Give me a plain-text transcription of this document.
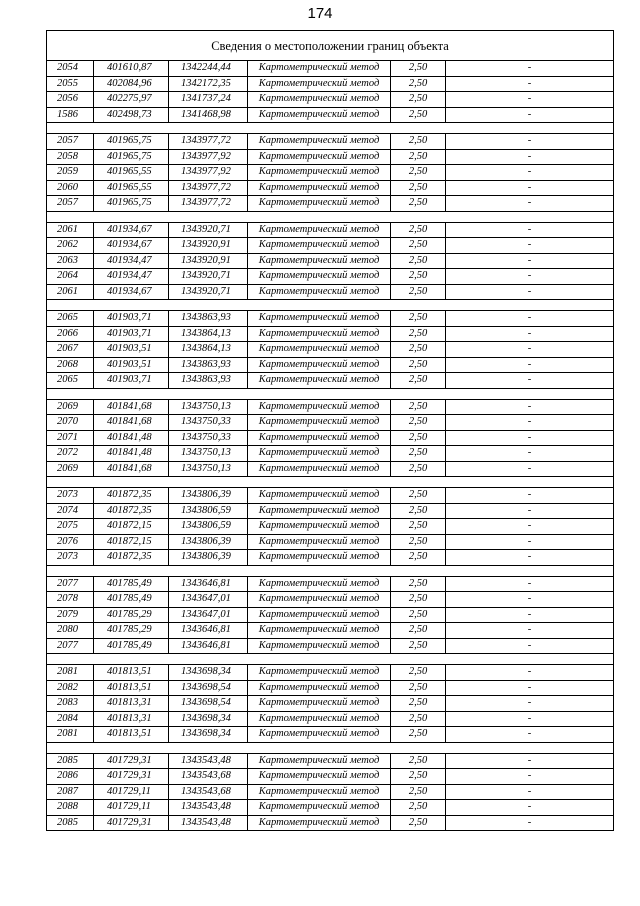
174
Сведения о местоположении границ объекта					
2054	401610,87	1342244,44	Картометрический метод	2,50	-
2055	402084,96	1342172,35	Картометрический метод	2,50	-
2056	402275,97	1341737,24	Картометрический метод	2,50	-
1586	402498,73	1341468,98	Картометрический метод	2,50	-

2057	401965,75	1343977,72	Картометрический метод	2,50	-
2058	401965,75	1343977,92	Картометрический метод	2,50	-
2059	401965,55	1343977,92	Картометрический метод	2,50	-
2060	401965,55	1343977,72	Картометрический метод	2,50	-
2057	401965,75	1343977,72	Картометрический метод	2,50	-

2061	401934,67	1343920,71	Картометрический метод	2,50	-
2062	401934,67	1343920,91	Картометрический метод	2,50	-
2063	401934,47	1343920,91	Картометрический метод	2,50	-
2064	401934,47	1343920,71	Картометрический метод	2,50	-
2061	401934,67	1343920,71	Картометрический метод	2,50	-

2065	401903,71	1343863,93	Картометрический метод	2,50	-
2066	401903,71	1343864,13	Картометрический метод	2,50	-
2067	401903,51	1343864,13	Картометрический метод	2,50	-
2068	401903,51	1343863,93	Картометрический метод	2,50	-
2065	401903,71	1343863,93	Картометрический метод	2,50	-

2069	401841,68	1343750,13	Картометрический метод	2,50	-
2070	401841,68	1343750,33	Картометрический метод	2,50	-
2071	401841,48	1343750,33	Картометрический метод	2,50	-
2072	401841,48	1343750,13	Картометрический метод	2,50	-
2069	401841,68	1343750,13	Картометрический метод	2,50	-

2073	401872,35	1343806,39	Картометрический метод	2,50	-
2074	401872,35	1343806,59	Картометрический метод	2,50	-
2075	401872,15	1343806,59	Картометрический метод	2,50	-
2076	401872,15	1343806,39	Картометрический метод	2,50	-
2073	401872,35	1343806,39	Картометрический метод	2,50	-

2077	401785,49	1343646,81	Картометрический метод	2,50	-
2078	401785,49	1343647,01	Картометрический метод	2,50	-
2079	401785,29	1343647,01	Картометрический метод	2,50	-
2080	401785,29	1343646,81	Картометрический метод	2,50	-
2077	401785,49	1343646,81	Картометрический метод	2,50	-

2081	401813,51	1343698,34	Картометрический метод	2,50	-
2082	401813,51	1343698,54	Картометрический метод	2,50	-
2083	401813,31	1343698,54	Картометрический метод	2,50	-
2084	401813,31	1343698,34	Картометрический метод	2,50	-
2081	401813,51	1343698,34	Картометрический метод	2,50	-

2085	401729,31	1343543,48	Картометрический метод	2,50	-
2086	401729,31	1343543,68	Картометрический метод	2,50	-
2087	401729,11	1343543,68	Картометрический метод	2,50	-
2088	401729,11	1343543,48	Картометрический метод	2,50	-
2085	401729,31	1343543,48	Картометрический метод	2,50	-
